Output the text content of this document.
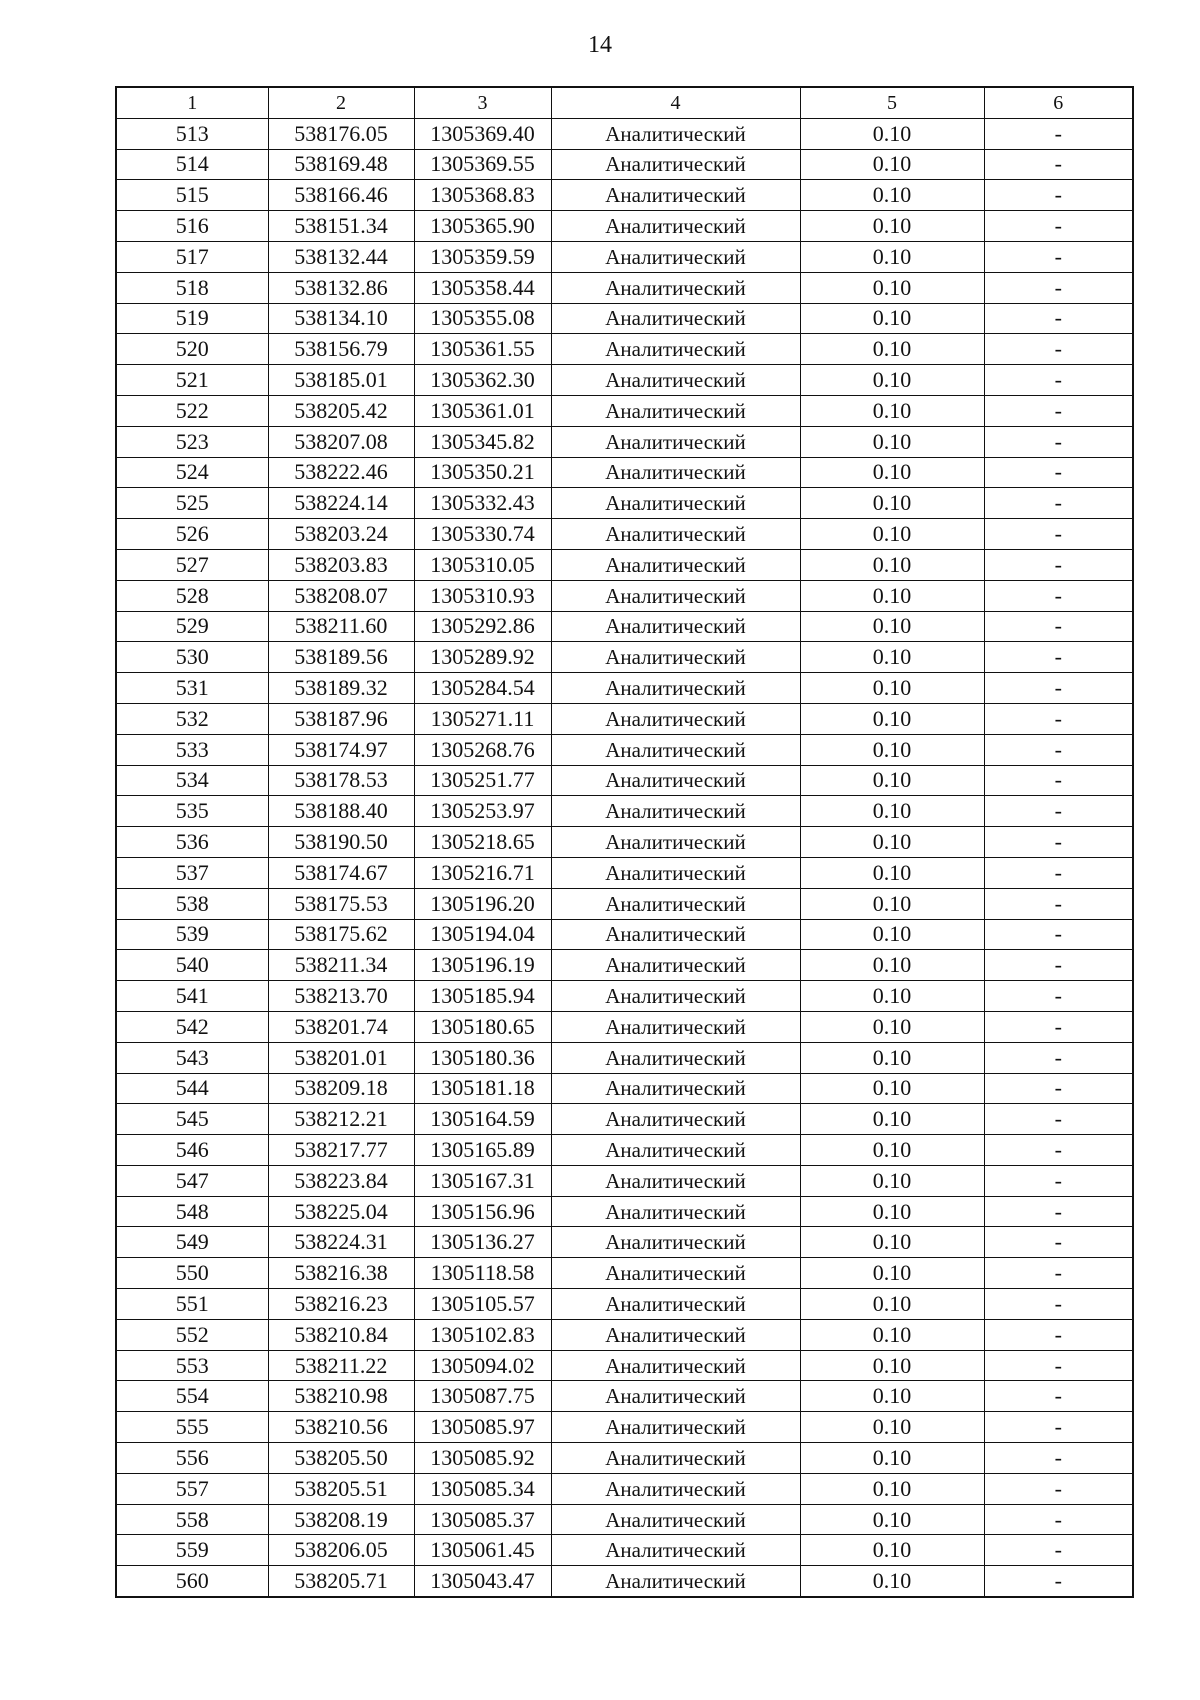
14
1	2	3	4	5	6
513	538176.05	1305369.40	Аналитический	0.10	-
514	538169.48	1305369.55	Аналитический	0.10	-
515	538166.46	1305368.83	Аналитический	0.10	-
516	538151.34	1305365.90	Аналитический	0.10	-
517	538132.44	1305359.59	Аналитический	0.10	-
518	538132.86	1305358.44	Аналитический	0.10	-
519	538134.10	1305355.08	Аналитический	0.10	-
520	538156.79	1305361.55	Аналитический	0.10	-
521	538185.01	1305362.30	Аналитический	0.10	-
522	538205.42	1305361.01	Аналитический	0.10	-
523	538207.08	1305345.82	Аналитический	0.10	-
524	538222.46	1305350.21	Аналитический	0.10	-
525	538224.14	1305332.43	Аналитический	0.10	-
526	538203.24	1305330.74	Аналитический	0.10	-
527	538203.83	1305310.05	Аналитический	0.10	-
528	538208.07	1305310.93	Аналитический	0.10	-
529	538211.60	1305292.86	Аналитический	0.10	-
530	538189.56	1305289.92	Аналитический	0.10	-
531	538189.32	1305284.54	Аналитический	0.10	-
532	538187.96	1305271.11	Аналитический	0.10	-
533	538174.97	1305268.76	Аналитический	0.10	-
534	538178.53	1305251.77	Аналитический	0.10	-
535	538188.40	1305253.97	Аналитический	0.10	-
536	538190.50	1305218.65	Аналитический	0.10	-
537	538174.67	1305216.71	Аналитический	0.10	-
538	538175.53	1305196.20	Аналитический	0.10	-
539	538175.62	1305194.04	Аналитический	0.10	-
540	538211.34	1305196.19	Аналитический	0.10	-
541	538213.70	1305185.94	Аналитический	0.10	-
542	538201.74	1305180.65	Аналитический	0.10	-
543	538201.01	1305180.36	Аналитический	0.10	-
544	538209.18	1305181.18	Аналитический	0.10	-
545	538212.21	1305164.59	Аналитический	0.10	-
546	538217.77	1305165.89	Аналитический	0.10	-
547	538223.84	1305167.31	Аналитический	0.10	-
548	538225.04	1305156.96	Аналитический	0.10	-
549	538224.31	1305136.27	Аналитический	0.10	-
550	538216.38	1305118.58	Аналитический	0.10	-
551	538216.23	1305105.57	Аналитический	0.10	-
552	538210.84	1305102.83	Аналитический	0.10	-
553	538211.22	1305094.02	Аналитический	0.10	-
554	538210.98	1305087.75	Аналитический	0.10	-
555	538210.56	1305085.97	Аналитический	0.10	-
556	538205.50	1305085.92	Аналитический	0.10	-
557	538205.51	1305085.34	Аналитический	0.10	-
558	538208.19	1305085.37	Аналитический	0.10	-
559	538206.05	1305061.45	Аналитический	0.10	-
560	538205.71	1305043.47	Аналитический	0.10	-
